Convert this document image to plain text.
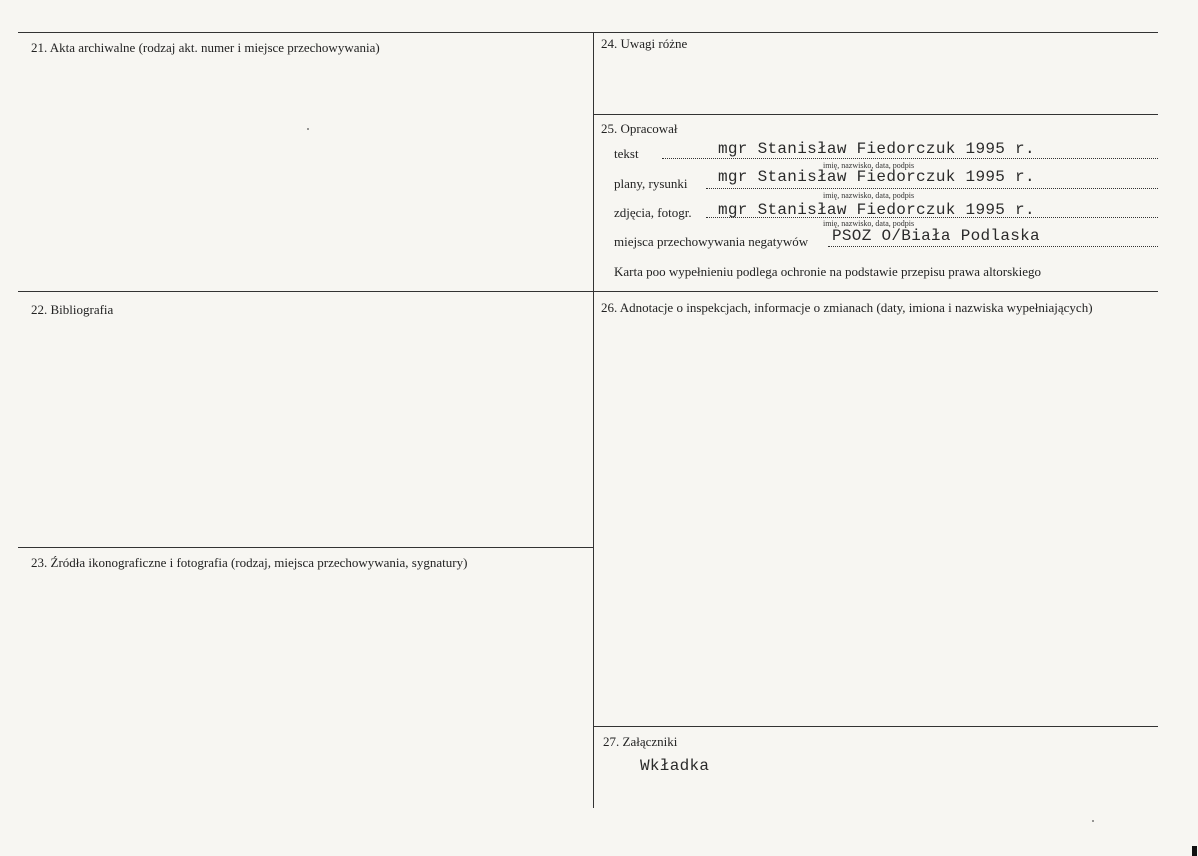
21. Akta archiwalne (rodzaj akt. numer i miejsce przechowywania)
22. Bibliografia
23. Źródła ikonograficzne i fotografia (rodzaj, miejsca przechowywania, sygnatury)
24. Uwagi różne
25. Opracował
tekst	mgr Stanisław Fiedorczuk 1995 r.
imię, nazwisko, data, podpis
plany, rysunki mgr Stanisław Fiedorczuk 1995 r.
imię, nazwisko, data, podpis
zdjęcia, fotogr. mgr Stanisław Fiedorczuk 1995 r.
imię, nazwisko, data, podpis
miejsca przechowywania negatywów PSOZ O/Biała Podlaska
Karta poo wypełnieniu podlega ochronie na podstawie przepisu prawa altorskiego
26. Adnotacje o inspekcjach, informacje o zmianach (daty, imiona i nazwiska wypełniających)
27. Załączniki
Wkładka
